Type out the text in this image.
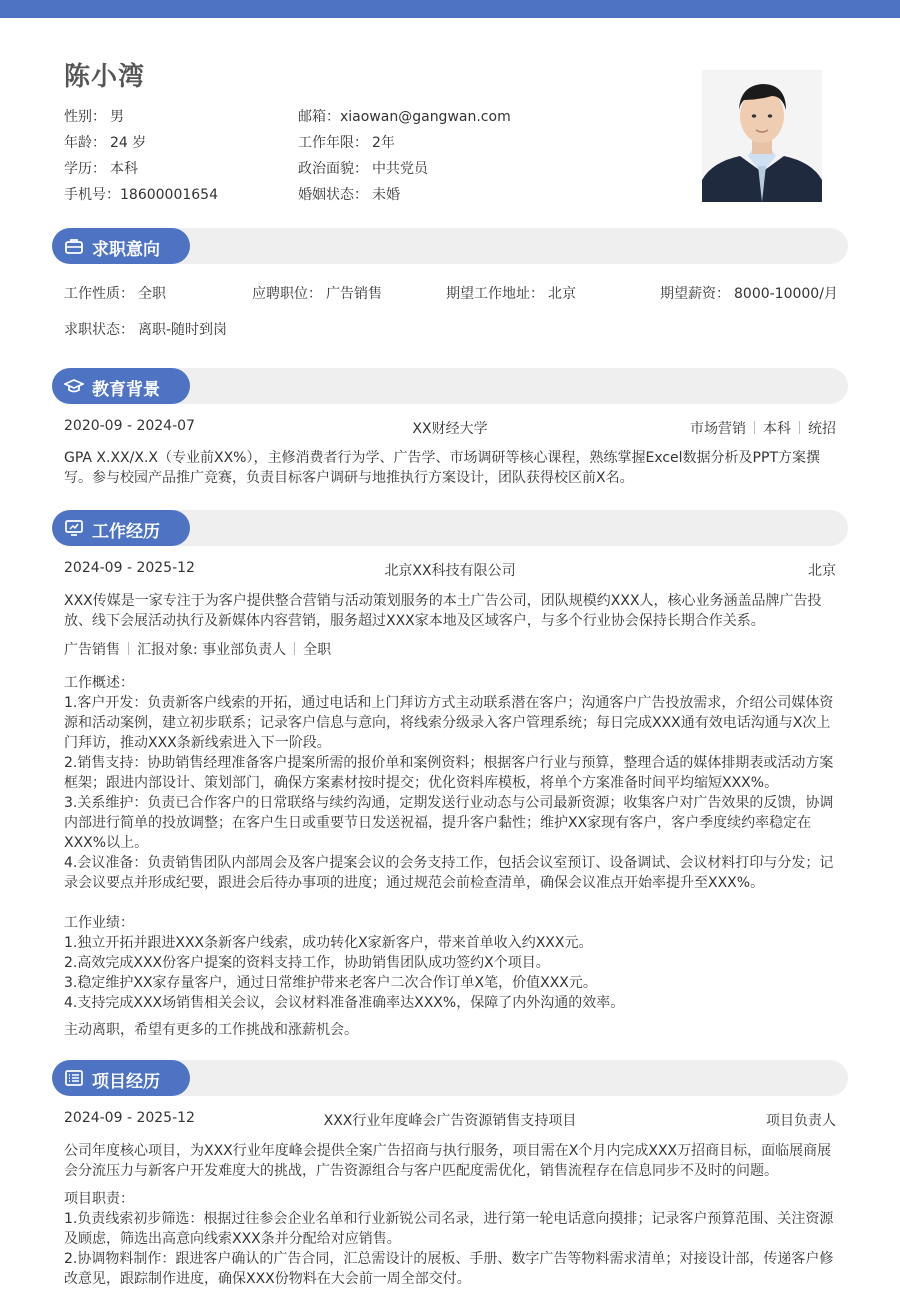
陈小湾
性别： 男
年龄： 24 岁
学历： 本科
手机号：18600001654
邮箱：xiaowan@gangwan.com
工作年限： 2年
政治面貌： 中共党员
婚姻状态： 未婚
求职意向
工作性质： 全职	应聘职位： 广告销售	期望工作地址： 北京	期望薪资： 8000-10000/月
求职状态： 离职-随时到岗
教育背景
2020-09 - 2024-07	XX财经大学	市场营销 本科 统招
GPA X.XX/X.X（专业前XX%），主修消费者行为学、广告学、市场调研等核心课程，熟练掌握Excel数据分析及PPT方案撰
写。参与校园产品推广竞赛，负责目标客户调研与地推执行方案设计，团队获得校区前X名。
工作经历
2024-09 - 2025-12	北京XX科技有限公司	北京
XXX传媒是一家专注于为客户提供整合营销与活动策划服务的本土广告公司，团队规模约XXX人，核心业务涵盖品牌广告投
放、线下会展活动执行及新媒体内容营销，服务超过XXX家本地及区域客户，与多个行业协会保持长期合作关系。
广告销售 汇报对象: 事业部负责人 全职
工作概述：
1.客户开发：负责新客户线索的开拓，通过电话和上门拜访方式主动联系潜在客户；沟通客户广告投放需求，介绍公司媒体资
源和活动案例，建立初步联系；记录客户信息与意向，将线索分级录入客户管理系统；每日完成XXX通有效电话沟通与X次上
门拜访，推动XXX条新线索进入下一阶段。
2.销售支持：协助销售经理准备客户提案所需的报价单和案例资料；根据客户行业与预算，整理合适的媒体排期表或活动方案
框架；跟进内部设计、策划部门，确保方案素材按时提交；优化资料库模板，将单个方案准备时间平均缩短XXX%。
3.关系维护：负责已合作客户的日常联络与续约沟通，定期发送行业动态与公司最新资源；收集客户对广告效果的反馈，协调
内部进行简单的投放调整；在客户生日或重要节日发送祝福，提升客户黏性；维护XX家现有客户，客户季度续约率稳定在
XXX%以上。
4.会议准备：负责销售团队内部周会及客户提案会议的会务支持工作，包括会议室预订、设备调试、会议材料打印与分发；记
录会议要点并形成纪要，跟进会后待办事项的进度；通过规范会前检查清单，确保会议准点开始率提升至XXX%。
工作业绩：
1.独立开拓并跟进XXX条新客户线索，成功转化X家新客户，带来首单收入约XXX元。
2.高效完成XXX份客户提案的资料支持工作，协助销售团队成功签约X个项目。
3.稳定维护XX家存量客户，通过日常维护带来老客户二次合作订单X笔，价值XXX元。
4.支持完成XXX场销售相关会议，会议材料准备准确率达XXX%，保障了内外沟通的效率。
主动离职，希望有更多的工作挑战和涨薪机会。
项目经历
2024-09 - 2025-12	XXX行业年度峰会广告资源销售支持项目	项目负责人
公司年度核心项目，为XXX行业年度峰会提供全案广告招商与执行服务，项目需在X个月内完成XXX万招商目标，面临展商展
会分流压力与新客户开发难度大的挑战，广告资源组合与客户匹配度需优化，销售流程存在信息同步不及时的问题。
项目职责：
1.负责线索初步筛选：根据过往参会企业名单和行业新锐公司名录，进行第一轮电话意向摸排；记录客户预算范围、关注资源
及顾虑，筛选出高意向线索XXX条并分配给对应销售。
2.协调物料制作：跟进客户确认的广告合同，汇总需设计的展板、手册、数字广告等物料需求清单；对接设计部，传递客户修
改意见，跟踪制作进度，确保XXX份物料在大会前一周全部交付。
